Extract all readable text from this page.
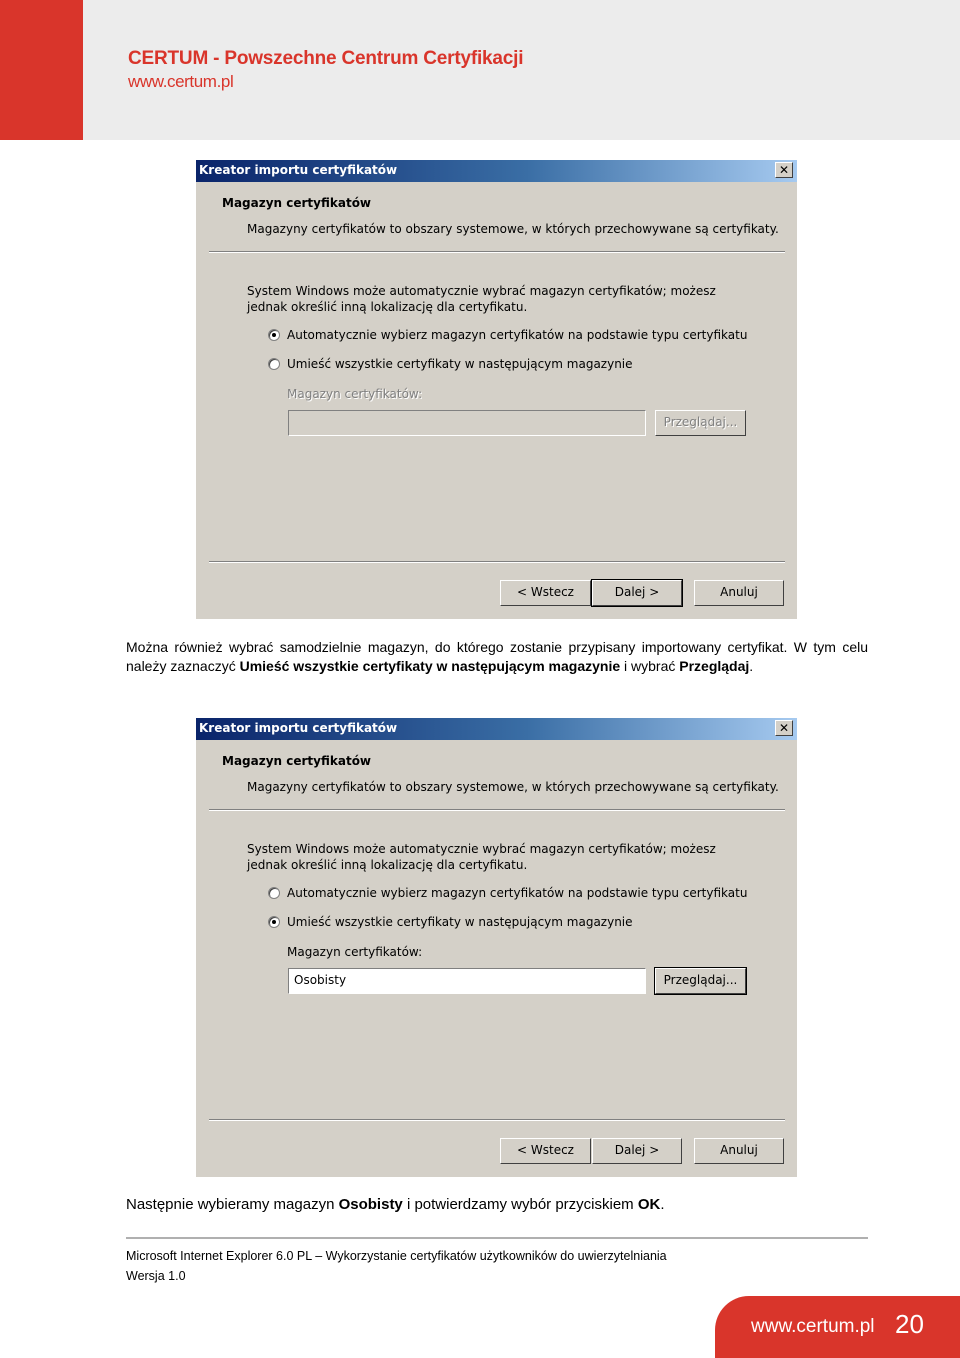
CERTUM - Powszechne Centrum Certyfikacji
www.certum.pl
Kreator importu certyfikatów	✕
Magazyn certyfikatów
Magazyny certyfikatów to obszary systemowe, w których przechowywane są certyfikaty.
System Windows może automatycznie wybrać magazyn certyfikatów; możesz jednak określić inną lokalizację dla certyfikatu.
Automatycznie wybierz magazyn certyfikatów na podstawie typu certyfikatu
Umieść wszystkie certyfikaty w następującym magazynie
Magazyn certyfikatów:
Przeglądaj...
< Wstecz	Dalej >	Anuluj
Można również wybrać samodzielnie magazyn, do którego zostanie przypisany importowany certyfikat. W tym celu należy zaznaczyć Umieść wszystkie certyfikaty w następującym magazynie i wybrać Przeglądaj.
Kreator importu certyfikatów	✕
Magazyn certyfikatów
Magazyny certyfikatów to obszary systemowe, w których przechowywane są certyfikaty.
System Windows może automatycznie wybrać magazyn certyfikatów; możesz jednak określić inną lokalizację dla certyfikatu.
Automatycznie wybierz magazyn certyfikatów na podstawie typu certyfikatu
Umieść wszystkie certyfikaty w następującym magazynie
Magazyn certyfikatów:
Osobisty	Przeglądaj...
< Wstecz	Dalej >	Anuluj
Następnie wybieramy magazyn Osobisty i potwierdzamy wybór przyciskiem OK.
Microsoft Internet Explorer 6.0 PL – Wykorzystanie certyfikatów użytkowników do uwierzytelniania
Wersja 1.0
www.certum.pl 20
